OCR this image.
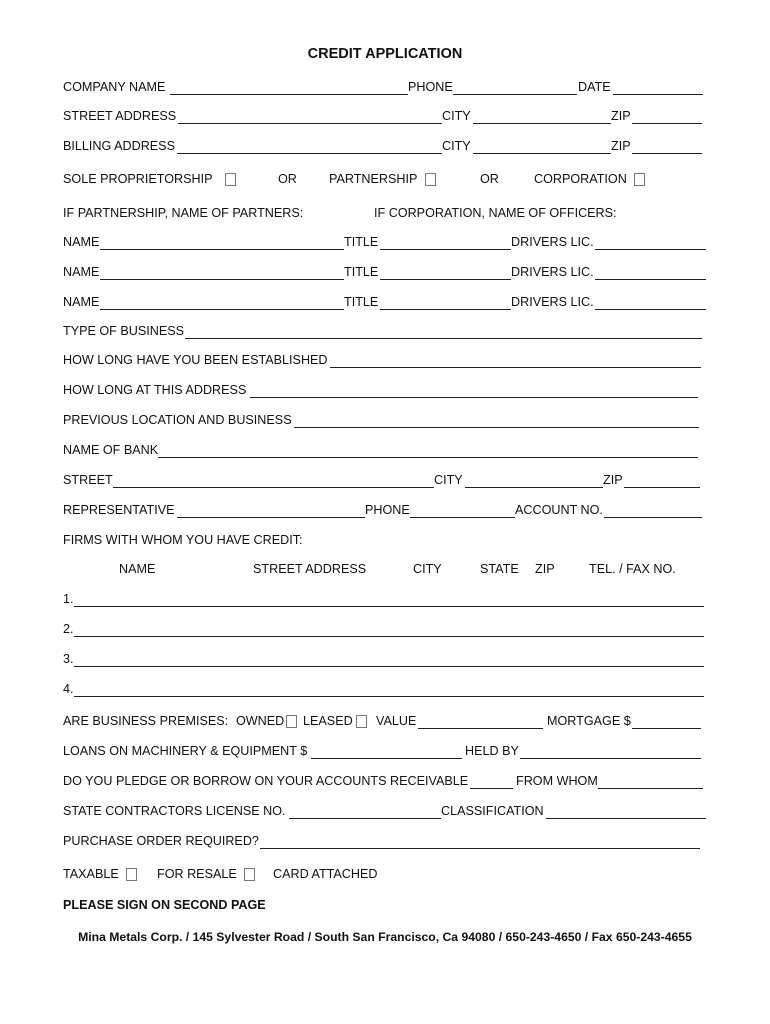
CREDIT APPLICATION
COMPANY NAME	PHONE	DATE
STREET ADDRESS	CITY	ZIP
BILLING ADDRESS	CITY	ZIP
SOLE PROPRIETORSHIP	OR	PARTNERSHIP	OR	CORPORATION
IF PARTNERSHIP, NAME OF PARTNERS:	IF CORPORATION, NAME OF OFFICERS:
NAME	TITLE	DRIVERS LIC.
NAME	TITLE	DRIVERS LIC.
NAME	TITLE	DRIVERS LIC.
TYPE OF BUSINESS
HOW LONG HAVE YOU BEEN ESTABLISHED
HOW LONG AT THIS ADDRESS
PREVIOUS LOCATION AND BUSINESS
NAME OF BANK
STREET	CITY	ZIP
REPRESENTATIVE	PHONE	ACCOUNT NO.
FIRMS WITH WHOM YOU HAVE CREDIT:
NAME	STREET ADDRESS	CITY	STATE ZIP	TEL. / FAX NO.
1.
2.
3.
4.
ARE BUSINESS PREMISES: OWNED LEASED VALUE	MORTGAGE $
LOANS ON MACHINERY & EQUIPMENT $	HELD BY
DO YOU PLEDGE OR BORROW ON YOUR ACCOUNTS RECEIVABLE	FROM WHOM
STATE CONTRACTORS LICENSE NO.	CLASSIFICATION
PURCHASE ORDER REQUIRED?
TAXABLE	FOR RESALE	CARD ATTACHED
PLEASE SIGN ON SECOND PAGE
Mina Metals Corp. / 145 Sylvester Road / South San Francisco, Ca 94080 / 650-243-4650 / Fax 650-243-4655
